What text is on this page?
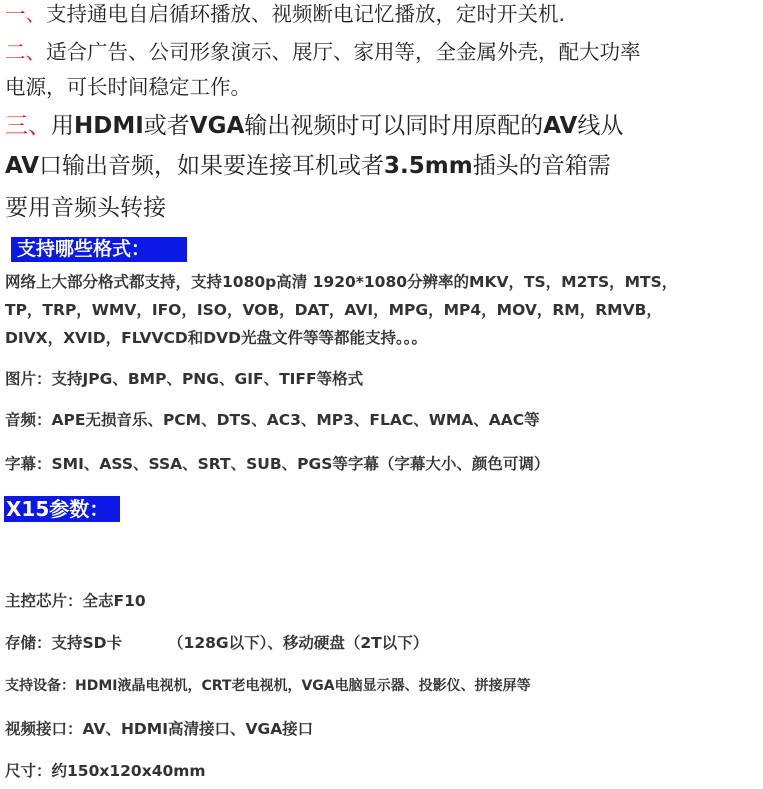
一、支持通电自启循环播放、视频断电记忆播放，定时开关机.
二、适合广告、公司形象演示、展厅、家用等，全金属外壳，配大功率
电源，可长时间稳定工作。
三、用HDMI或者VGA输出视频时可以同时用原配的AV线从
AV口输出音频，如果要连接耳机或者3.5mm插头的音箱需
要用音频头转接
支持哪些格式：
网络上大部分格式都支持，支持1080p高清 1920*1080分辨率的MKV，TS，M2TS，MTS，
TP，TRP，WMV，IFO，ISO，VOB，DAT，AVI，MPG，MP4，MOV，RM，RMVB，
DIVX，XVID，FLVVCD和DVD光盘文件等等都能支持。。。
图片：支持JPG、BMP、PNG、GIF、TIFF等格式
音频：APE无损音乐、PCM、DTS、AC3、MP3、FLAC、WMA、AAC等
字幕：SMI、ASS、SSA、SRT、SUB、PGS等字幕（字幕大小、颜色可调）
X15参数：
主控芯片：全志F10
存储：支持SD卡	（128G以下）、移动硬盘（2T以下）
支持设备：HDMI液晶电视机，CRT老电视机，VGA电脑显示器、投影仪、拼接屏等
视频接口：AV、HDMI高清接口、VGA接口
尺寸：约150x120x40mm
